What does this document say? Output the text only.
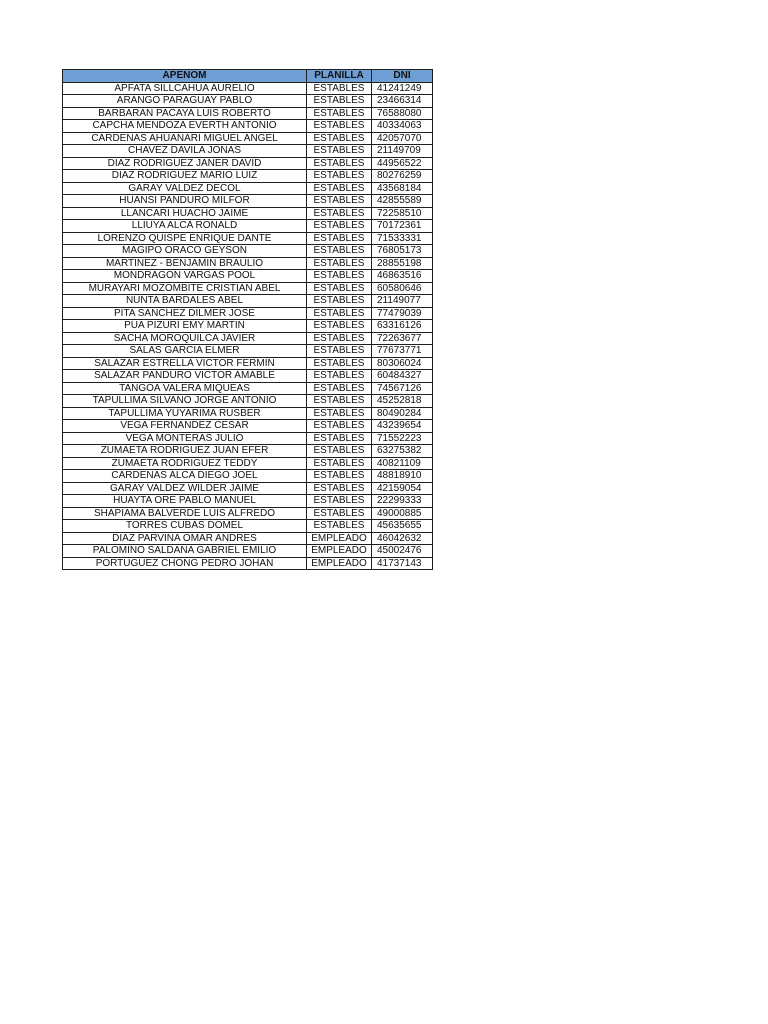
APENOM	PLANILLA	DNI
APFATA SILLCAHUA AURELIO	ESTABLES	41241249
ARANGO PARAGUAY PABLO	ESTABLES	23466314
BARBARAN PACAYA LUIS ROBERTO	ESTABLES	76588080
CAPCHA MENDOZA EVERTH ANTONIO	ESTABLES	40334063
CARDENAS AHUANARI MIGUEL ANGEL	ESTABLES	42057070
CHAVEZ DAVILA JONAS	ESTABLES	21149709
DIAZ RODRIGUEZ JANER DAVID	ESTABLES	44956522
DIAZ RODRIGUEZ MARIO LUIZ	ESTABLES	80276259
GARAY VALDEZ DECOL	ESTABLES	43568184
HUANSI PANDURO MILFOR	ESTABLES	42855589
LLANCARI HUACHO JAIME	ESTABLES	72258510
LLIUYA ALCA RONALD	ESTABLES	70172361
LORENZO QUISPE ENRIQUE DANTE	ESTABLES	71533331
MAGIPO ORACO GEYSON	ESTABLES	76805173
MARTINEZ - BENJAMIN BRAULIO	ESTABLES	28855198
MONDRAGON VARGAS POOL	ESTABLES	46863516
MURAYARI MOZOMBITE CRISTIAN ABEL	ESTABLES	60580646
NUNTA BARDALES ABEL	ESTABLES	21149077
PITA SANCHEZ DILMER JOSE	ESTABLES	77479039
PUA PIZURI EMY MARTIN	ESTABLES	63316126
SACHA MOROQUILCA JAVIER	ESTABLES	72263677
SALAS GARCIA ELMER	ESTABLES	77673771
SALAZAR ESTRELLA VICTOR FERMIN	ESTABLES	80306024
SALAZAR PANDURO VICTOR AMABLE	ESTABLES	60484327
TANGOA VALERA MIQUEAS	ESTABLES	74567126
TAPULLIMA SILVANO JORGE ANTONIO	ESTABLES	45252818
TAPULLIMA YUYARIMA RUSBER	ESTABLES	80490284
VEGA FERNANDEZ CESAR	ESTABLES	43239654
VEGA MONTERAS JULIO	ESTABLES	71552223
ZUMAETA RODRIGUEZ JUAN EFER	ESTABLES	63275382
ZUMAETA RODRIGUEZ TEDDY	ESTABLES	40821109
CARDENAS ALCA DIEGO JOEL	ESTABLES	48818910
GARAY VALDEZ WILDER JAIME	ESTABLES	42159054
HUAYTA ORE PABLO MANUEL	ESTABLES	22299333
SHAPIAMA BALVERDE LUIS ALFREDO	ESTABLES	49000885
TORRES CUBAS DOMEL	ESTABLES	45635655
DIAZ PARVINA OMAR ANDRES	EMPLEADO	46042632
PALOMINO SALDANA GABRIEL EMILIO	EMPLEADO	45002476
PORTUGUEZ CHONG PEDRO JOHAN	EMPLEADO	41737143
